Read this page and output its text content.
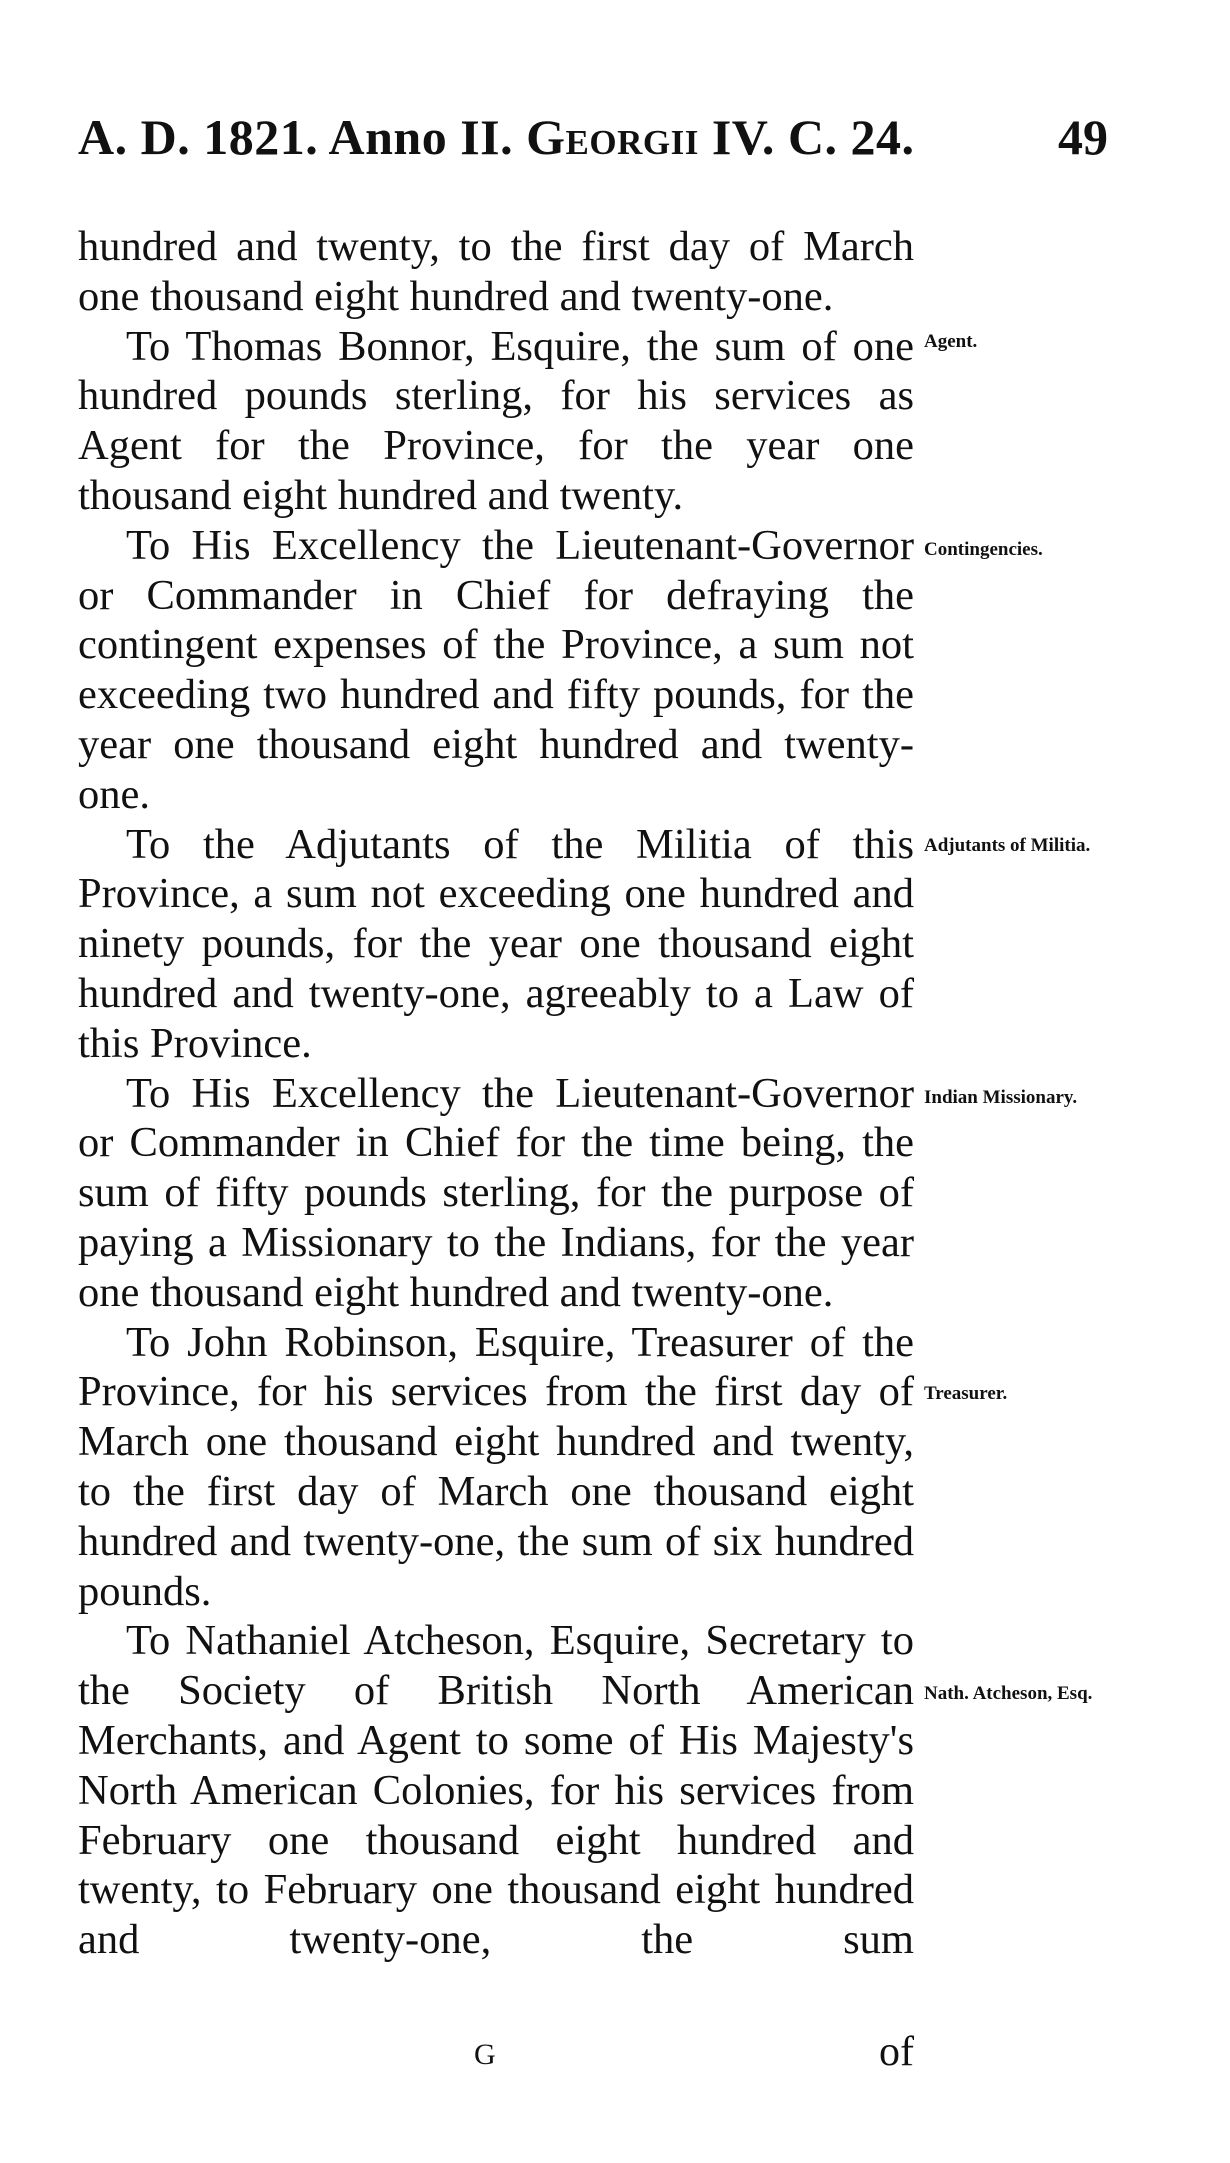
A. D. 1821. Anno II. Georgii IV. C. 24.	49

hundred and twenty, to the first day of March one thousand eight hundred and twenty-one.

To Thomas Bonnor, Esquire, the sum of one hundred pounds sterling, for his services as Agent for the Province, for the year one thousand eight hundred and twenty.

To His Excellency the Lieutenant-Governor or Commander in Chief for defraying the contingent expenses of the Province, a sum not exceeding two hundred and fifty pounds, for the year one thousand eight hundred and twenty-one.

To the Adjutants of the Militia of this Province, a sum not exceeding one hundred and ninety pounds, for the year one thousand eight hundred and twenty-one, agreeably to a Law of this Province.

To His Excellency the Lieutenant-Governor or Commander in Chief for the time being, the sum of fifty pounds sterling, for the purpose of paying a Missionary to the Indians, for the year one thousand eight hundred and twenty-one.

To John Robinson, Esquire, Treasurer of the Province, for his services from the first day of March one thousand eight hundred and twenty, to the first day of March one thousand eight hundred and twenty-one, the sum of six hundred pounds.

To Nathaniel Atcheson, Esquire, Secretary to the Society of British North American Merchants, and Agent to some of His Majesty's North American Colonies, for his services from February one thousand eight hundred and twenty, to February one thousand eight hundred and twenty-one, the sum

Agent.
Contingencies.
Adjutants of Militia.
Indian Missionary.
Treasurer.
Nath. Atcheson, Esq.
G	of
